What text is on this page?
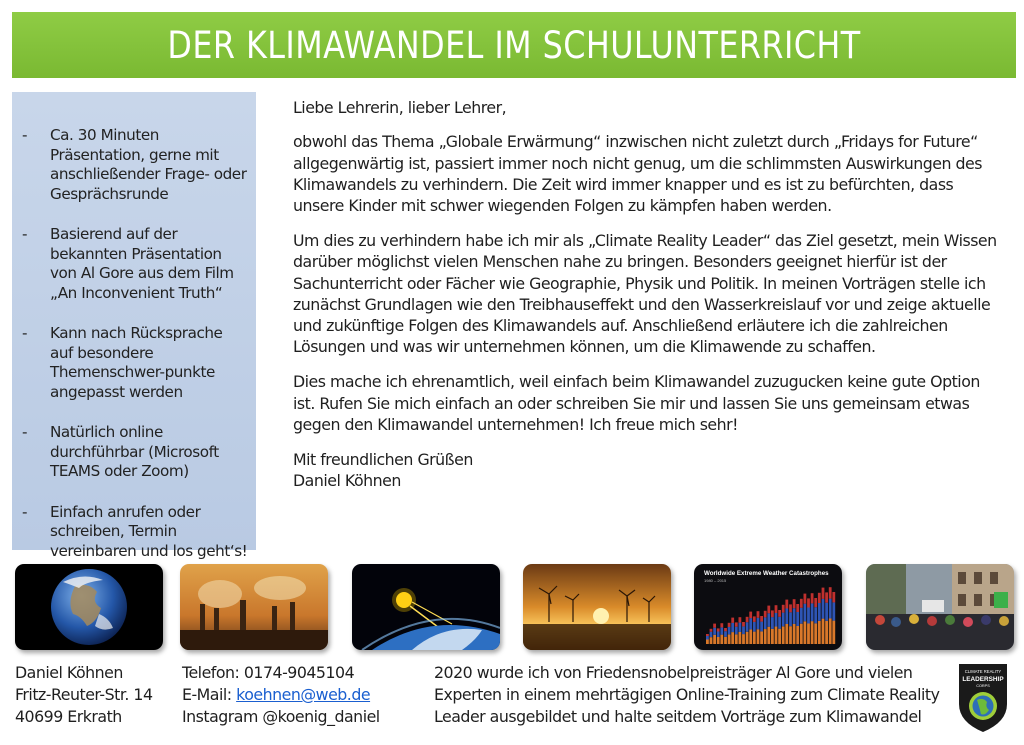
DER KLIMAWANDEL IM SCHULUNTERRICHT
- Ca. 30 Minuten Präsentation, gerne mit anschließender Frage- oder Gesprächsrunde
- Basierend auf der bekannten Präsentation von Al Gore aus dem Film „An Inconvenient Truth“
- Kann nach Rücksprache auf besondere Themenschwer-punkte angepasst werden
- Natürlich online durchführbar (Microsoft TEAMS oder Zoom)
- Einfach anrufen oder schreiben, Termin vereinbaren und los geht‘s!

Liebe Lehrerin, lieber Lehrer,

obwohl das Thema „Globale Erwärmung“ inzwischen nicht zuletzt durch „Fridays for Future“ allgegenwärtig ist, passiert immer noch nicht genug, um die schlimmsten Auswirkungen des Klimawandels zu verhindern. Die Zeit wird immer knapper und es ist zu befürchten, dass unsere Kinder mit schwer wiegenden Folgen zu kämpfen haben werden.

Um dies zu verhindern habe ich mir als „Climate Reality Leader“ das Ziel gesetzt, mein Wissen darüber möglichst vielen Menschen nahe zu bringen. Besonders geeignet hierfür ist der Sachunterricht oder Fächer wie Geographie, Physik und Politik. In meinen Vorträgen stelle ich zunächst Grundlagen wie den Treibhauseffekt und den Wasserkreislauf vor und zeige aktuelle und zukünftige Folgen des Klimawandels auf. Anschließend erläutere ich die zahlreichen Lösungen und was wir unternehmen können, um die Klimawende zu schaffen.

Dies mache ich ehrenamtlich, weil einfach beim Klimawandel zuzugucken keine gute Option ist. Rufen Sie mich einfach an oder schreiben Sie mir und lassen Sie uns gemeinsam etwas gegen den Klimawandel unternehmen! Ich freue mich sehr!

Mit freundlichen Grüßen

Daniel Köhnen

Worldwide Extreme Weather Catastrophes
1980 – 2015
Daniel Köhnen
Fritz-Reuter-Str. 14
40699 Erkrath
Telefon: 0174-9045104
E-Mail: koehnen@web.de
Instagram @koenig_daniel
2020 wurde ich von Friedensnobelpreisträger Al Gore und vielen Experten in einem mehrtägigen Online-Training zum Climate Reality Leader ausgebildet und halte seitdem Vorträge zum Klimawandel
CLIMATE REALITY
LEADERSHIP
CORPS
